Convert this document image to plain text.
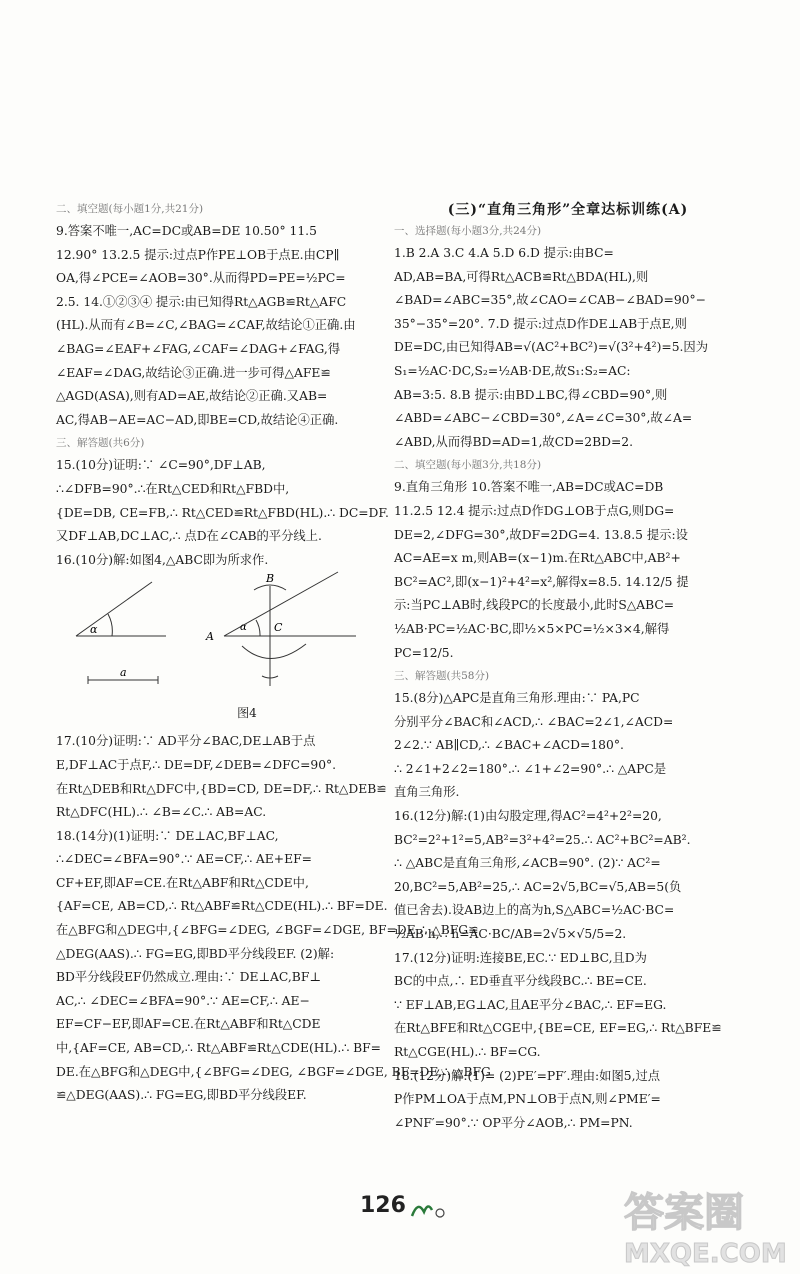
二、填空题(每小题1分,共21分)
9.答案不唯一,AC=DC或AB=DE 10.50° 11.5
12.90° 13.2.5 提示:过点P作PE⊥OB于点E.由CP∥
OA,得∠PCE=∠AOB=30°.从而得PD=PE=½PC=
2.5. 14.①②③④ 提示:由已知得Rt△AGB≌Rt△AFC
(HL).从而有∠B=∠C,∠BAG=∠CAF,故结论①正确.由
∠BAG=∠EAF+∠FAG,∠CAF=∠DAG+∠FAG,得
∠EAF=∠DAG,故结论③正确.进一步可得△AFE≌
△AGD(ASA),则有AD=AE,故结论②正确.又AB=
AC,得AB−AE=AC−AD,即BE=CD,故结论④正确.
三、解答题(共6分)
15.(10分)证明:∵ ∠C=90°,DF⊥AB,
∴∠DFB=90°.∴在Rt△CED和Rt△FBD中,
{DE=DB, CE=FB,∴ Rt△CED≌Rt△FBD(HL).∴ DC=DF.
又DF⊥AB,DC⊥AC,∴ 点D在∠CAB的平分线上.
16.(10分)解:如图4,△ABC即为所求作.
α
a
A
B
C
α
图4
17.(10分)证明:∵ AD平分∠BAC,DE⊥AB于点
E,DF⊥AC于点F,∴ DE=DF,∠DEB=∠DFC=90°.
在Rt△DEB和Rt△DFC中,{BD=CD, DE=DF,∴ Rt△DEB≌
Rt△DFC(HL).∴ ∠B=∠C.∴ AB=AC.
18.(14分)(1)证明:∵ DE⊥AC,BF⊥AC,
∴∠DEC=∠BFA=90°.∵ AE=CF,∴ AE+EF=
CF+EF,即AF=CE.在Rt△ABF和Rt△CDE中,
{AF=CE, AB=CD,∴ Rt△ABF≌Rt△CDE(HL).∴ BF=DE.
在△BFG和△DEG中,{∠BFG=∠DEG, ∠BGF=∠DGE, BF=DE,∴ △BFG≌
△DEG(AAS).∴ FG=EG,即BD平分线段EF. (2)解:
BD平分线段EF仍然成立.理由:∵ DE⊥AC,BF⊥
AC,∴ ∠DEC=∠BFA=90°.∵ AE=CF,∴ AE−
EF=CF−EF,即AF=CE.在Rt△ABF和Rt△CDE
中,{AF=CE, AB=CD,∴ Rt△ABF≌Rt△CDE(HL).∴ BF=
DE.在△BFG和△DEG中,{∠BFG=∠DEG, ∠BGF=∠DGE, BF=DE,∴ △BFG
≌△DEG(AAS).∴ FG=EG,即BD平分线段EF.
(三)“直角三角形”全章达标训练(A)
一、选择题(每小题3分,共24分)
1.B 2.A 3.C 4.A 5.D 6.D 提示:由BC=
AD,AB=BA,可得Rt△ACB≌Rt△BDA(HL),则
∠BAD=∠ABC=35°,故∠CAO=∠CAB−∠BAD=90°−
35°−35°=20°. 7.D 提示:过点D作DE⊥AB于点E,则
DE=DC,由已知得AB=√(AC²+BC²)=√(3²+4²)=5.因为
S₁=½AC·DC,S₂=½AB·DE,故S₁:S₂=AC:
AB=3:5. 8.B 提示:由BD⊥BC,得∠CBD=90°,则
∠ABD=∠ABC−∠CBD=30°,∠A=∠C=30°,故∠A=
∠ABD,从而得BD=AD=1,故CD=2BD=2.
二、填空题(每小题3分,共18分)
9.直角三角形 10.答案不唯一,AB=DC或AC=DB
11.2.5 12.4 提示:过点D作DG⊥OB于点G,则DG=
DE=2,∠DFG=30°,故DF=2DG=4. 13.8.5 提示:设
AC=AE=x m,则AB=(x−1)m.在Rt△ABC中,AB²+
BC²=AC²,即(x−1)²+4²=x²,解得x=8.5. 14.12/5 提
示:当PC⊥AB时,线段PC的长度最小,此时S△ABC=
½AB·PC=½AC·BC,即½×5×PC=½×3×4,解得
PC=12/5.
三、解答题(共58分)
15.(8分)△APC是直角三角形.理由:∵ PA,PC
分别平分∠BAC和∠ACD,∴ ∠BAC=2∠1,∠ACD=
2∠2.∵ AB∥CD,∴ ∠BAC+∠ACD=180°.
∴ 2∠1+2∠2=180°.∴ ∠1+∠2=90°.∴ △APC是
直角三角形.
16.(12分)解:(1)由勾股定理,得AC²=4²+2²=20,
BC²=2²+1²=5,AB²=3²+4²=25.∴ AC²+BC²=AB².
∴ △ABC是直角三角形,∠ACB=90°. (2)∵ AC²=
20,BC²=5,AB²=25,∴ AC=2√5,BC=√5,AB=5(负
值已舍去).设AB边上的高为h,S△ABC=½AC·BC=
½AB·h,∴ h=AC·BC/AB=2√5×√5/5=2.
17.(12分)证明:连接BE,EC.∵ ED⊥BC,且D为
BC的中点,∴ ED垂直平分线段BC.∴ BE=CE.
∵ EF⊥AB,EG⊥AC,且AE平分∠BAC,∴ EF=EG.
在Rt△BFE和Rt△CGE中,{BE=CE, EF=EG,∴ Rt△BFE≌
Rt△CGE(HL).∴ BF=CG.
18.(12分)解:(1)= (2)PE′=PF′.理由:如图5,过点
P作PM⊥OA于点M,PN⊥OB于点N,则∠PME′=
∠PNF′=90°.∵ OP平分∠AOB,∴ PM=PN.
126	答案圈
MXQE.COM
